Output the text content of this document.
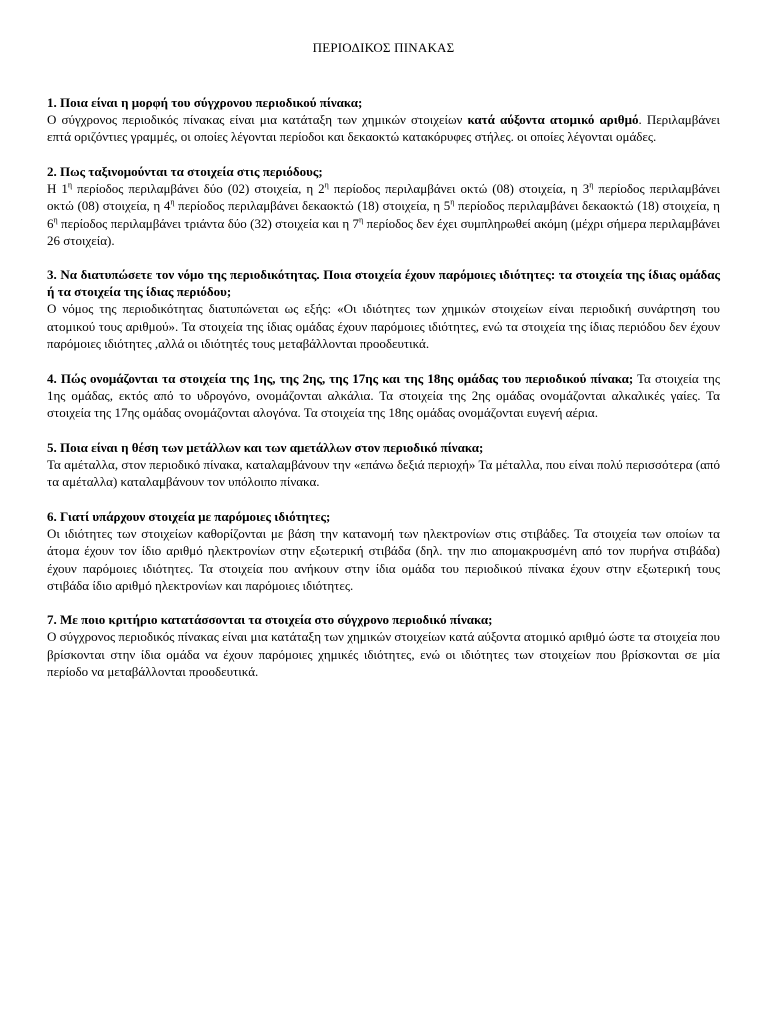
ΠΕΡΙΟΔΙΚΟΣ ΠΙΝΑΚΑΣ

1. Ποια είναι η μορφή του σύγχρονου περιοδικού πίνακα;

Ο σύγχρονος περιοδικός πίνακας είναι μια κατάταξη των χημικών στοιχείων κατά αύξοντα ατομικό αριθμό. Περιλαμβάνει επτά οριζόντιες γραμμές, οι οποίες λέγονται περίοδοι και δεκαοκτώ κατακόρυφες στήλες. οι οποίες λέγονται ομάδες.

2. Πως ταξινομούνται τα στοιχεία στις περιόδους;

Η $1^\eta$ περίοδος περιλαμβάνει δύο (02) στοιχεία, η $2^\eta$ περίοδος περιλαμβάνει οκτώ (08) στοιχεία, η $3^\eta$ περίοδος περιλαμβάνει οκτώ (08) στοιχεία, η $4^\eta$ περίοδος περιλαμβάνει δεκαοκτώ (18) στοιχεία, η $5^\eta$ περίοδος περιλαμβάνει δεκαοκτώ (18) στοιχεία, η $6^\eta$ περίοδος περιλαμβάνει τριάντα δύο (32) στοιχεία και η $7^\eta$ περίοδος δεν έχει συμπληρωθεί ακόμη (μέχρι σήμερα περιλαμβάνει 26 στοιχεία).

3. Να διατυπώσετε τον νόμο της περιοδικότητας. Ποια στοιχεία έχουν παρόμοιες ιδιότητες: τα στοιχεία της ίδιας ομάδας ή τα στοιχεία της ίδιας περιόδου;

Ο νόμος της περιοδικότητας διατυπώνεται ως εξής: «Οι ιδιότητες των χημικών στοιχείων είναι περιοδική συνάρτηση του ατομικού τους αριθμού». Τα στοιχεία της ίδιας ομάδας έχουν παρόμοιες ιδιότητες, ενώ τα στοιχεία της ίδιας περιόδου δεν έχουν παρόμοιες ιδιότητες ,αλλά οι ιδιότητές τους μεταβάλλονται προοδευτικά.

4. Πώς ονομάζονται τα στοιχεία της 1ης, της 2ης, της 17ης και της 18ης ομάδας του περιοδικού πίνακα; Τα στοιχεία της 1ης ομάδας, εκτός από το υδρογόνο, ονομάζονται αλκάλια. Τα στοιχεία της 2ης ομάδας ονομάζονται αλκαλικές γαίες. Τα στοιχεία της 17ης ομάδας ονομάζονται αλογόνα. Τα στοιχεία της 18ης ομάδας ονομάζονται ευγενή αέρια.

5. Ποια είναι η θέση των μετάλλων και των αμετάλλων στον περιοδικό πίνακα;

Τα αμέταλλα, στον περιοδικό πίνακα, καταλαμβάνουν την «επάνω δεξιά περιοχή» Τα μέταλλα, που είναι πολύ περισσότερα (από τα αμέταλλα) καταλαμβάνουν τον υπόλοιπο πίνακα.

6. Γιατί υπάρχουν στοιχεία με παρόμοιες ιδιότητες;

Οι ιδιότητες των στοιχείων καθορίζονται με βάση την κατανομή των ηλεκτρονίων στις στιβάδες. Τα στοιχεία των οποίων τα άτομα έχουν τον ίδιο αριθμό ηλεκτρονίων στην εξωτερική στιβάδα (δηλ. την πιο απομακρυσμένη από τον πυρήνα στιβάδα) έχουν παρόμοιες ιδιότητες. Τα στοιχεία που ανήκουν στην ίδια ομάδα του περιοδικού πίνακα έχουν στην εξωτερική τους στιβάδα ίδιο αριθμό ηλεκτρονίων και παρόμοιες ιδιότητες.

7. Με ποιο κριτήριο κατατάσσονται τα στοιχεία στο σύγχρονο περιοδικό πίνακα;

Ο σύγχρονος περιοδικός πίνακας είναι μια κατάταξη των χημικών στοιχείων κατά αύξοντα ατομικό αριθμό ώστε τα στοιχεία που βρίσκονται στην ίδια ομάδα να έχουν παρόμοιες χημικές ιδιότητες, ενώ οι ιδιότητες των στοιχείων που βρίσκονται σε μία περίοδο να μεταβάλλονται προοδευτικά.
